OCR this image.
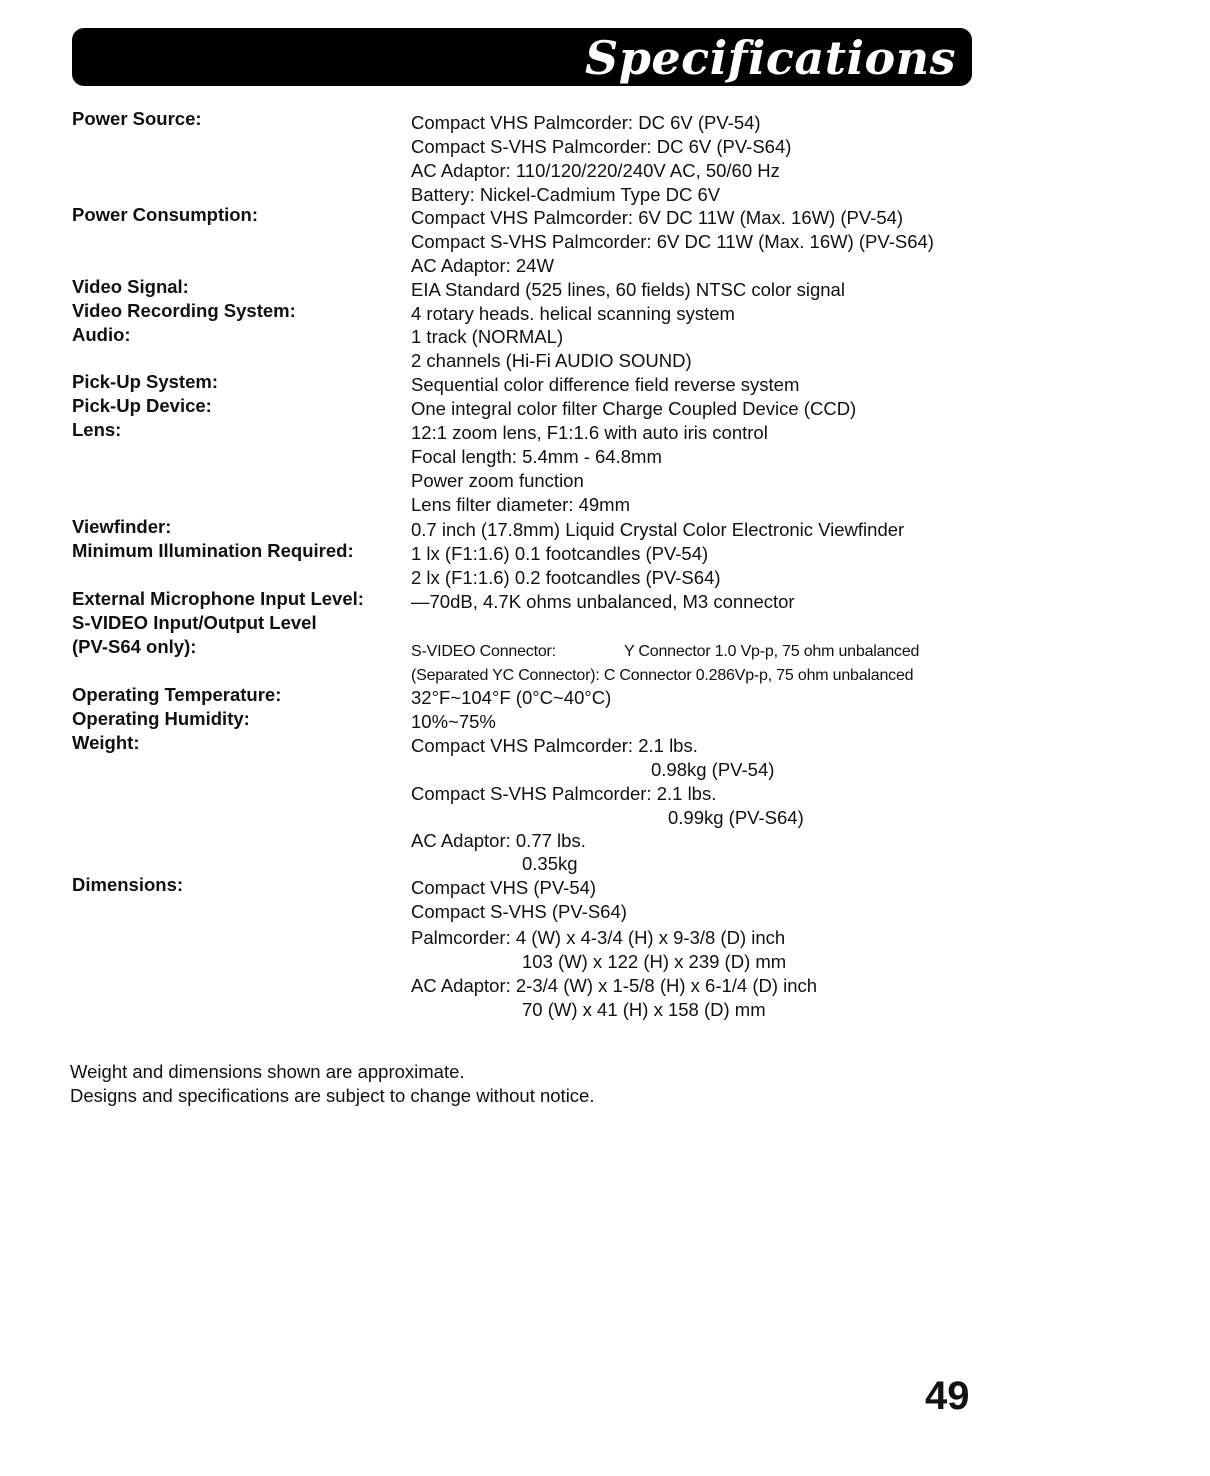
Specifications
Power Source:
Power Consumption:
Video Signal:
Video Recording System:
Audio:
Pick-Up System:
Pick-Up Device:
Lens:
Viewfinder:
Minimum Illumination Required:
External Microphone Input Level:
S-VIDEO Input/Output Level
(PV-S64 only):
Operating Temperature:
Operating Humidity:
Weight:
Dimensions:
Compact VHS Palmcorder: DC 6V (PV-54)
Compact S-VHS Palmcorder: DC 6V (PV-S64)
AC Adaptor: 110/120/220/240V AC, 50/60 Hz
Battery: Nickel-Cadmium Type DC 6V
Compact VHS Palmcorder: 6V DC 11W (Max. 16W) (PV-54)
Compact S-VHS Palmcorder: 6V DC 11W (Max. 16W) (PV-S64)
AC Adaptor: 24W
EIA Standard (525 lines, 60 fields) NTSC color signal
4 rotary heads. helical scanning system
1 track (NORMAL)
2 channels (Hi-Fi AUDIO SOUND)
Sequential color difference field reverse system
One integral color filter Charge Coupled Device (CCD)
12:1 zoom lens, F1:1.6 with auto iris control
Focal length: 5.4mm - 64.8mm
Power zoom function
Lens filter diameter: 49mm
0.7 inch (17.8mm) Liquid Crystal Color Electronic Viewfinder
1 lx (F1:1.6) 0.1 footcandles (PV-54)
2 lx (F1:1.6) 0.2 footcandles (PV-S64)
—70dB, 4.7K ohms unbalanced, M3 connector
S-VIDEO Connector:	Y Connector 1.0 Vp-p, 75 ohm unbalanced
(Separated YC Connector): C Connector 0.286Vp-p, 75 ohm unbalanced
32°F~104°F (0°C~40°C)
10%~75%
Compact VHS Palmcorder: 2.1 lbs.
0.98kg (PV-54)
Compact S-VHS Palmcorder: 2.1 lbs.
0.99kg (PV-S64)
AC Adaptor: 0.77 lbs.
0.35kg
Compact VHS (PV-54)
Compact S-VHS (PV-S64)
Palmcorder: 4 (W) x 4-3/4 (H) x 9-3/8 (D) inch
103 (W) x 122 (H) x 239 (D) mm
AC Adaptor: 2-3/4 (W) x 1-5/8 (H) x 6-1/4 (D) inch
70 (W) x 41 (H) x 158 (D) mm
Weight and dimensions shown are approximate.
Designs and specifications are subject to change without notice.
49
